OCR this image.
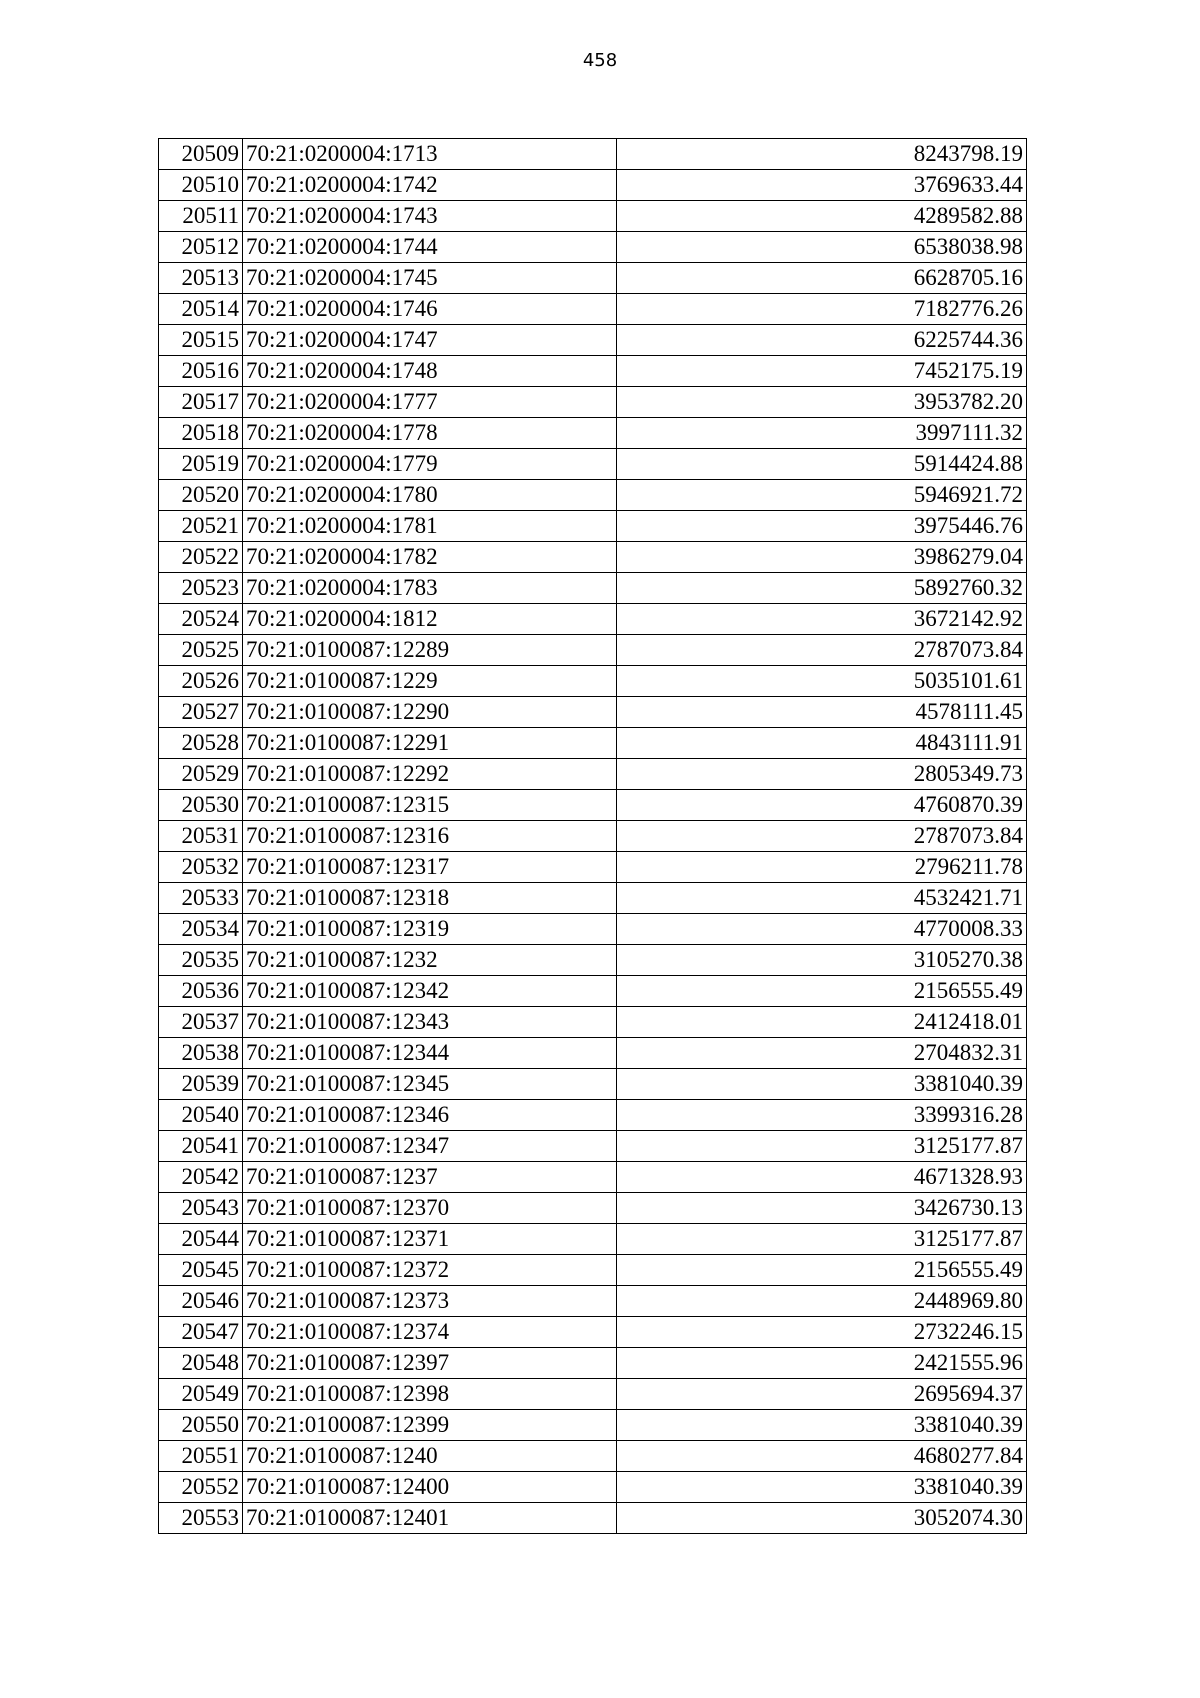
458
20509	70:21:0200004:1713	8243798.19
20510	70:21:0200004:1742	3769633.44
20511	70:21:0200004:1743	4289582.88
20512	70:21:0200004:1744	6538038.98
20513	70:21:0200004:1745	6628705.16
20514	70:21:0200004:1746	7182776.26
20515	70:21:0200004:1747	6225744.36
20516	70:21:0200004:1748	7452175.19
20517	70:21:0200004:1777	3953782.20
20518	70:21:0200004:1778	3997111.32
20519	70:21:0200004:1779	5914424.88
20520	70:21:0200004:1780	5946921.72
20521	70:21:0200004:1781	3975446.76
20522	70:21:0200004:1782	3986279.04
20523	70:21:0200004:1783	5892760.32
20524	70:21:0200004:1812	3672142.92
20525	70:21:0100087:12289	2787073.84
20526	70:21:0100087:1229	5035101.61
20527	70:21:0100087:12290	4578111.45
20528	70:21:0100087:12291	4843111.91
20529	70:21:0100087:12292	2805349.73
20530	70:21:0100087:12315	4760870.39
20531	70:21:0100087:12316	2787073.84
20532	70:21:0100087:12317	2796211.78
20533	70:21:0100087:12318	4532421.71
20534	70:21:0100087:12319	4770008.33
20535	70:21:0100087:1232	3105270.38
20536	70:21:0100087:12342	2156555.49
20537	70:21:0100087:12343	2412418.01
20538	70:21:0100087:12344	2704832.31
20539	70:21:0100087:12345	3381040.39
20540	70:21:0100087:12346	3399316.28
20541	70:21:0100087:12347	3125177.87
20542	70:21:0100087:1237	4671328.93
20543	70:21:0100087:12370	3426730.13
20544	70:21:0100087:12371	3125177.87
20545	70:21:0100087:12372	2156555.49
20546	70:21:0100087:12373	2448969.80
20547	70:21:0100087:12374	2732246.15
20548	70:21:0100087:12397	2421555.96
20549	70:21:0100087:12398	2695694.37
20550	70:21:0100087:12399	3381040.39
20551	70:21:0100087:1240	4680277.84
20552	70:21:0100087:12400	3381040.39
20553	70:21:0100087:12401	3052074.30
